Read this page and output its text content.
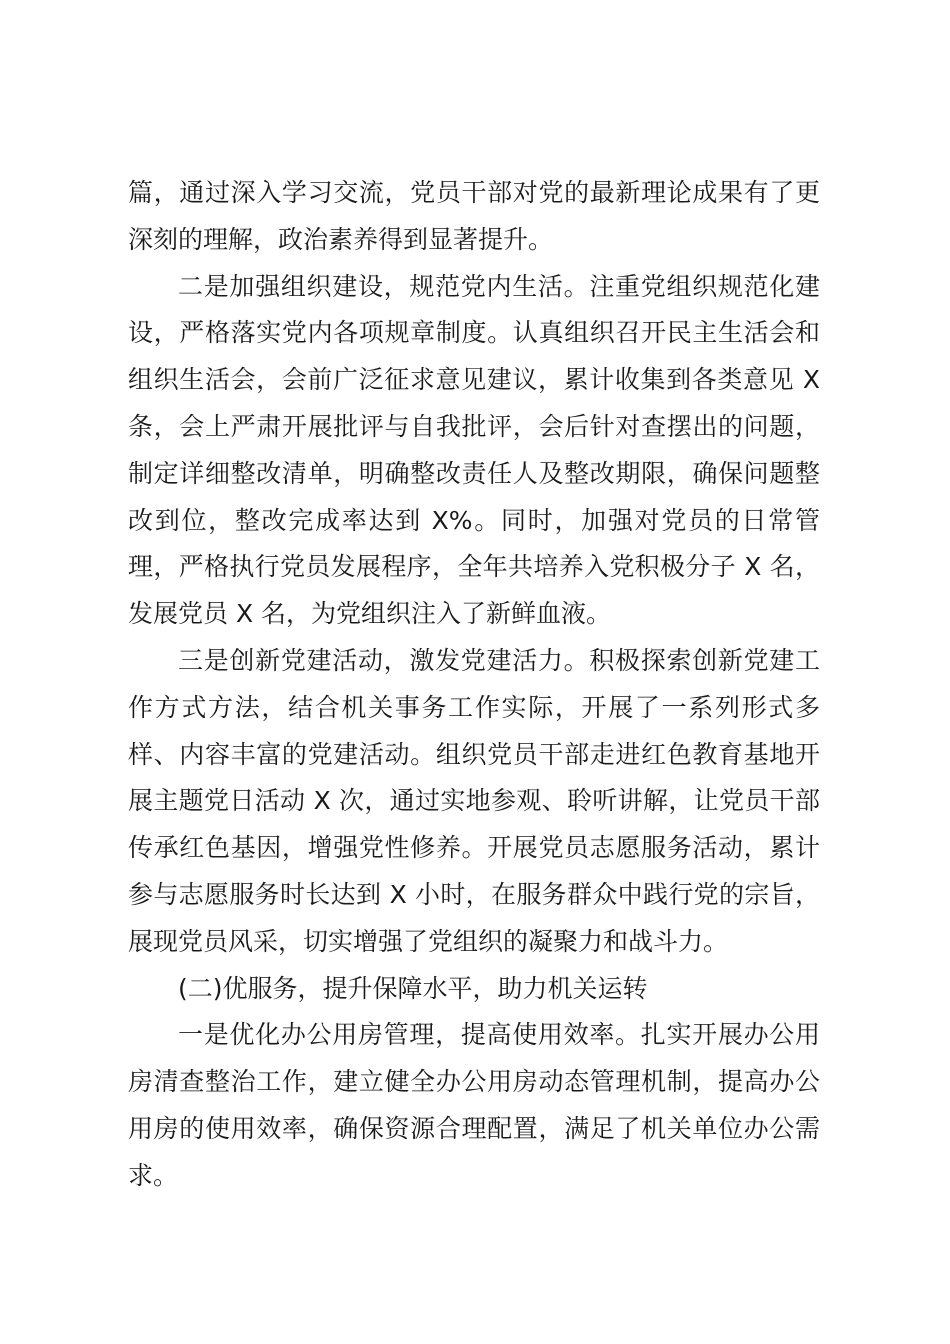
篇，通过深入学习交流，党员干部对党的最新理论成果有了更深刻的理解，政治素养得到显著提升。

二是加强组织建设，规范党内生活。注重党组织规范化建设，严格落实党内各项规章制度。认真组织召开民主生活会和组织生活会，会前广泛征求意见建议，累计收集到各类意见 X 条，会上严肃开展批评与自我批评，会后针对查摆出的问题，制定详细整改清单，明确整改责任人及整改期限，确保问题整改到位，整改完成率达到 X%。同时，加强对党员的日常管理，严格执行党员发展程序，全年共培养入党积极分子 X 名，发展党员 X 名，为党组织注入了新鲜血液。

三是创新党建活动，激发党建活力。积极探索创新党建工作方式方法，结合机关事务工作实际，开展了一系列形式多样、内容丰富的党建活动。组织党员干部走进红色教育基地开展主题党日活动 X 次，通过实地参观、聆听讲解，让党员干部传承红色基因，增强党性修养。开展党员志愿服务活动，累计参与志愿服务时长达到 X 小时，在服务群众中践行党的宗旨，展现党员风采，切实增强了党组织的凝聚力和战斗力。

(二)优服务，提升保障水平，助力机关运转

一是优化办公用房管理，提高使用效率。扎实开展办公用房清查整治工作，建立健全办公用房动态管理机制，提高办公用房的使用效率，确保资源合理配置，满足了机关单位办公需求。
